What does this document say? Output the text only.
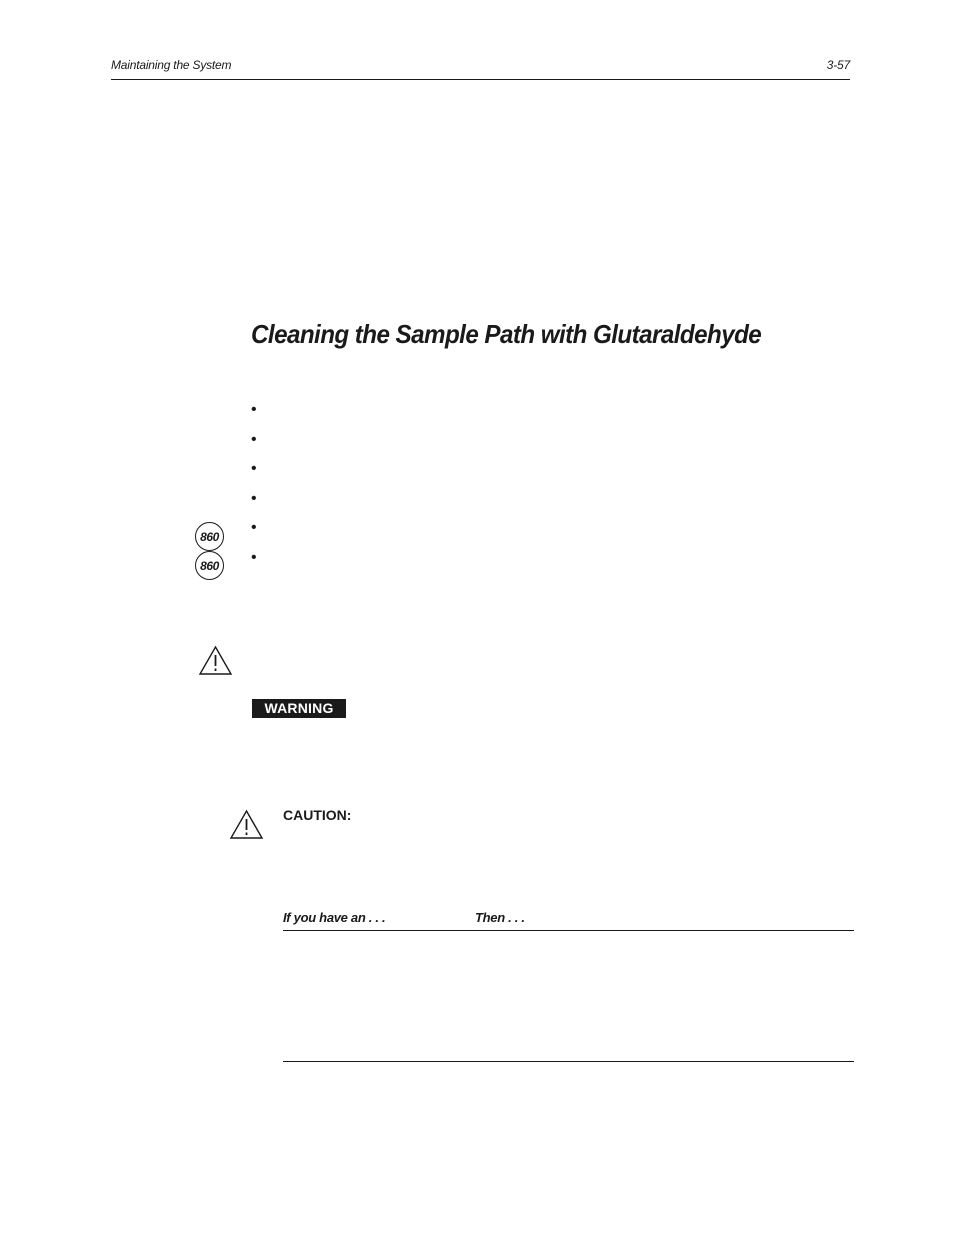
Maintaining the System	3-57
Cleaning the Sample Path with Glutaraldehyde
•
•
•
•
•
•
860
860
WARNING
CAUTION:
If you have an . . .	Then . . .
